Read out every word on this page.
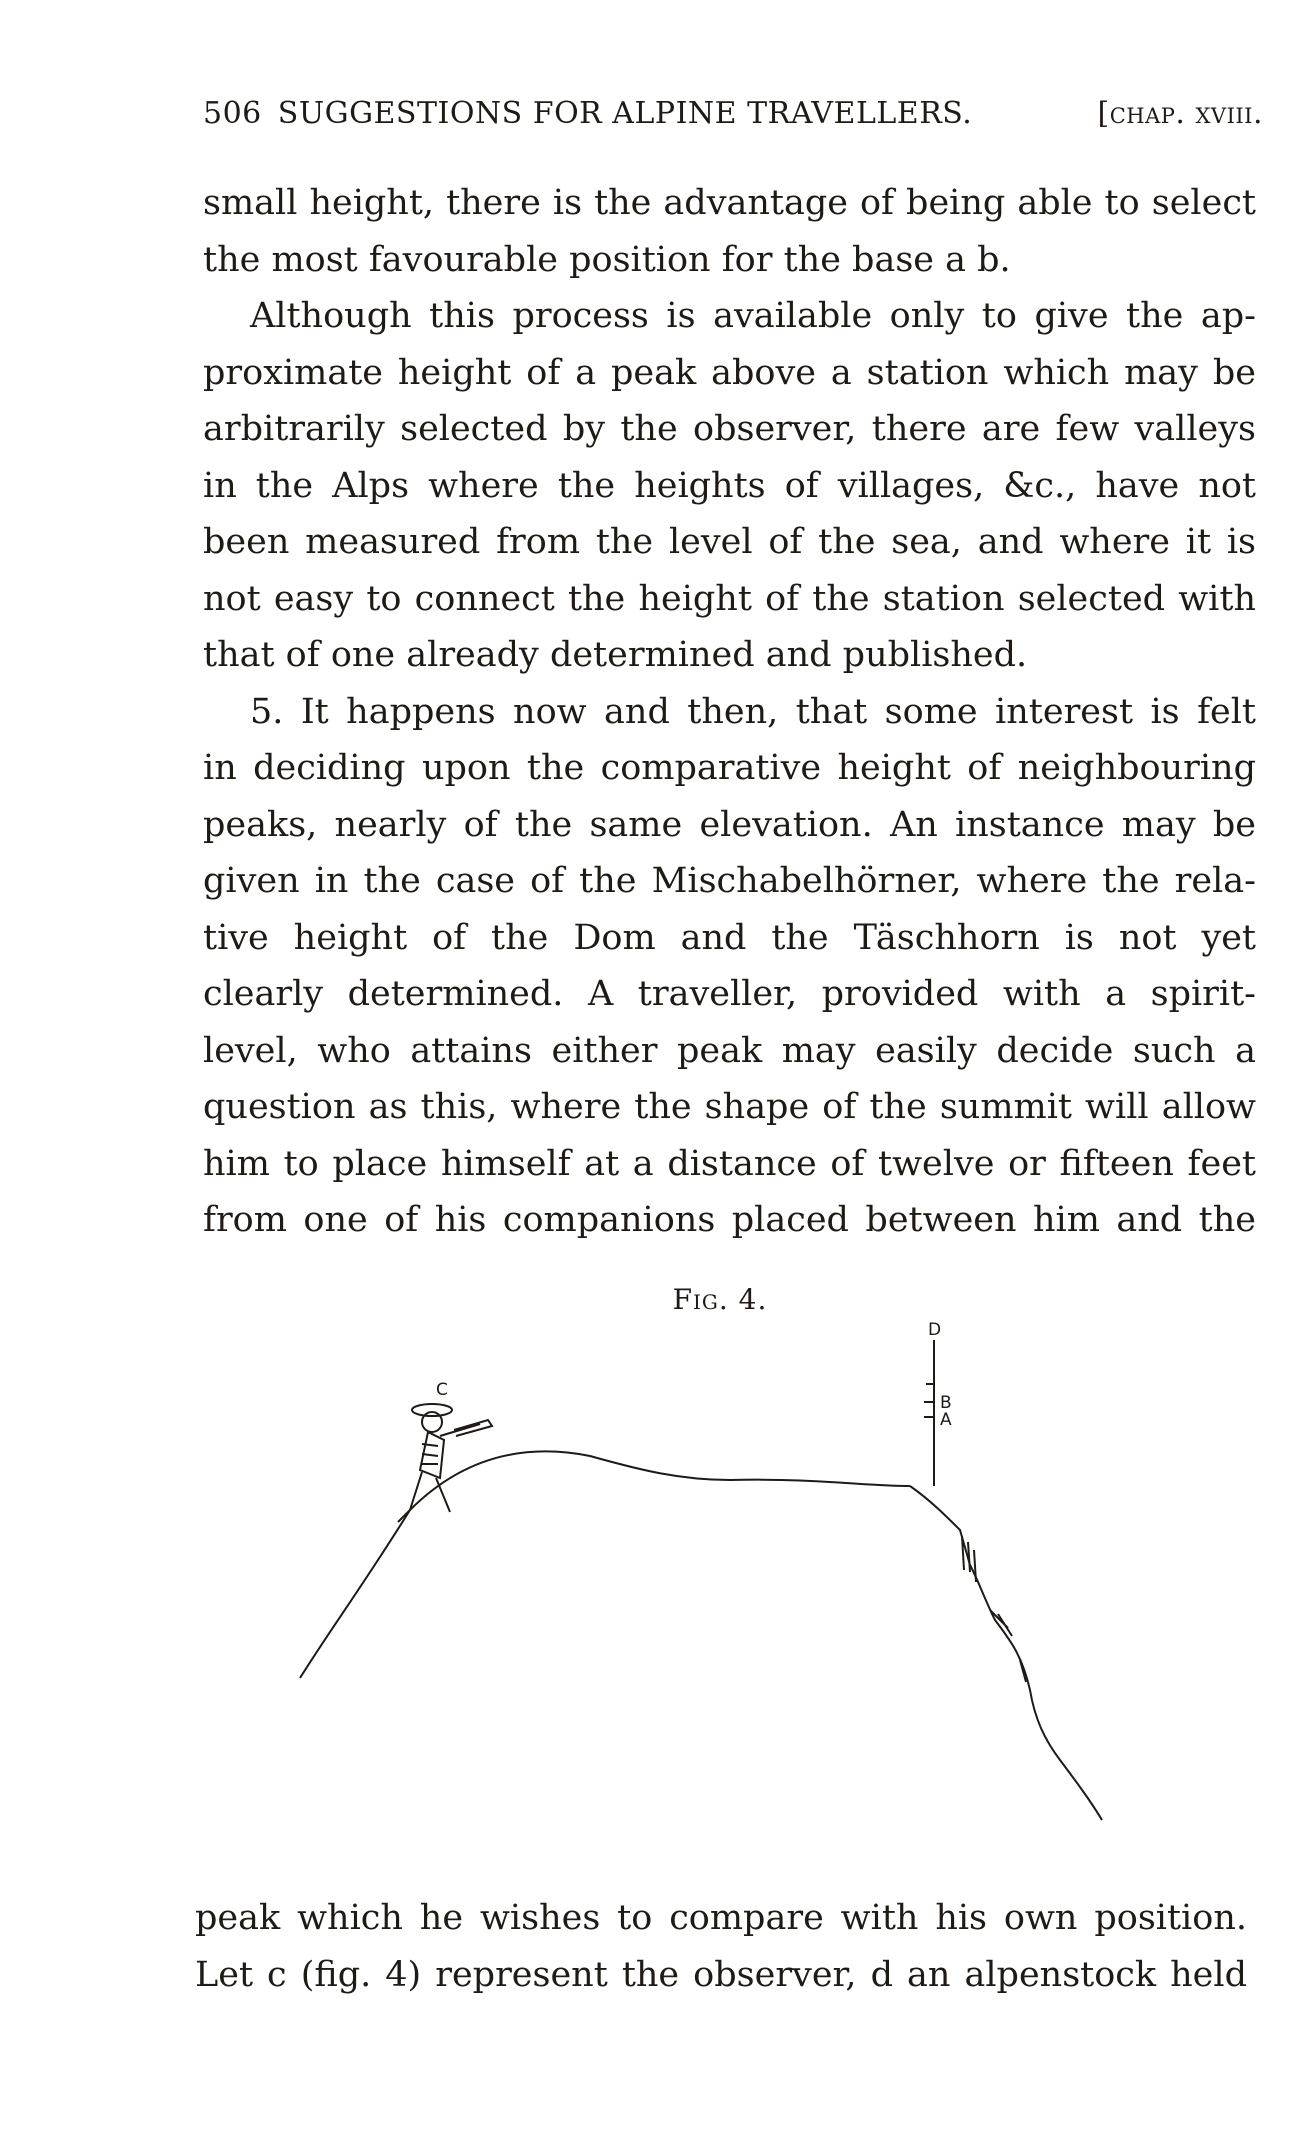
506 SUGGESTIONS FOR ALPINE TRAVELLERS.	[chap. xviii.
small height, there is the advantage of being able to select
the most favourable position for the base a b.
Although this process is available only to give the ap-
proximate height of a peak above a station which may be
arbitrarily selected by the observer, there are few valleys
in the Alps where the heights of villages, &c., have not
been measured from the level of the sea, and where it is
not easy to connect the height of the station selected with
that of one already determined and published.
5. It happens now and then, that some interest is felt
in deciding upon the comparative height of neighbouring
peaks, nearly of the same elevation. An instance may be
given in the case of the Mischabelhörner, where the rela-
tive height of the Dom and the Täschhorn is not yet
clearly determined. A traveller, provided with a spirit-
level, who attains either peak may easily decide such a
question as this, where the shape of the summit will allow
him to place himself at a distance of twelve or fifteen feet
from one of his companions placed between him and the
Fig. 4.
C
D
B
A
peak which he wishes to compare with his own position.
Let c (fig. 4) represent the observer, d an alpenstock held
